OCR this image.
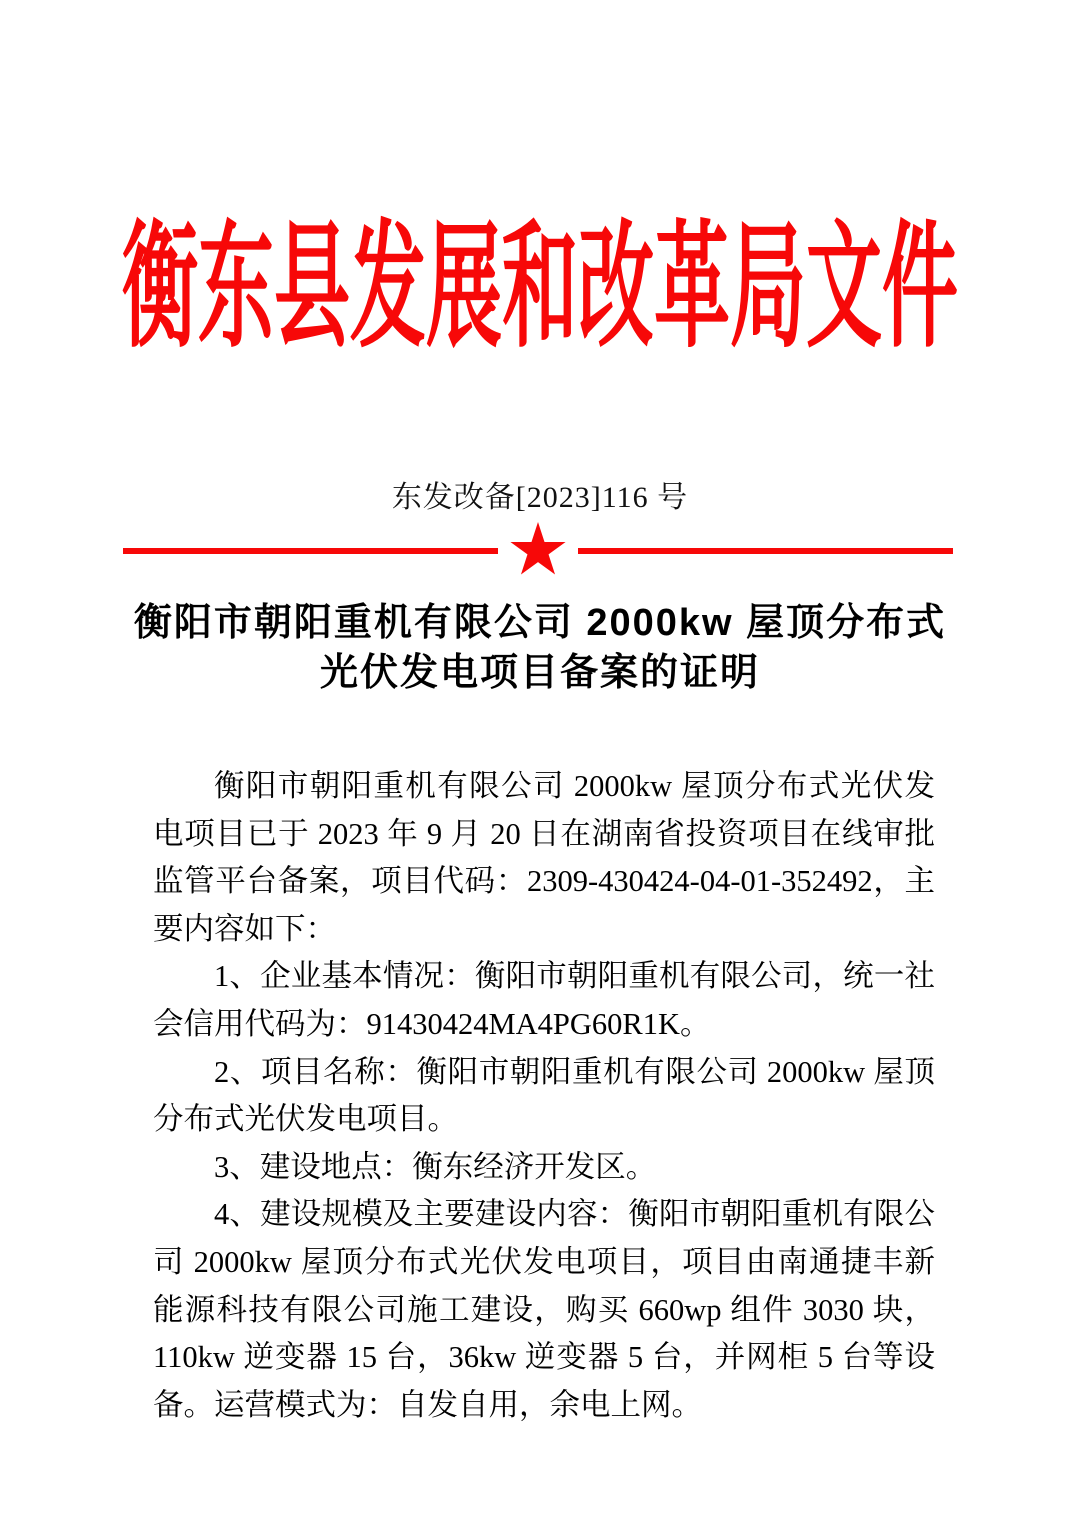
衡东县发展和改革局文件
东发改备[2023]116 号
衡阳市朝阳重机有限公司 2000kw 屋顶分布式
光伏发电项目备案的证明

衡阳市朝阳重机有限公司 2000kw 屋顶分布式光伏发电项目已于 2023 年 9 月 20 日在湖南省投资项目在线审批监管平台备案，项目代码：2309-430424-04-01-352492，主要内容如下：

1、企业基本情况：衡阳市朝阳重机有限公司，统一社会信用代码为：91430424MA4PG60R1K。

2、项目名称：衡阳市朝阳重机有限公司 2000kw 屋顶分布式光伏发电项目。

3、建设地点：衡东经济开发区。

4、建设规模及主要建设内容：衡阳市朝阳重机有限公司 2000kw 屋顶分布式光伏发电项目，项目由南通捷丰新能源科技有限公司施工建设，购买 660wp 组件 3030 块，110kw 逆变器 15 台，36kw 逆变器 5 台，并网柜 5 台等设备。运营模式为：自发自用，余电上网。
